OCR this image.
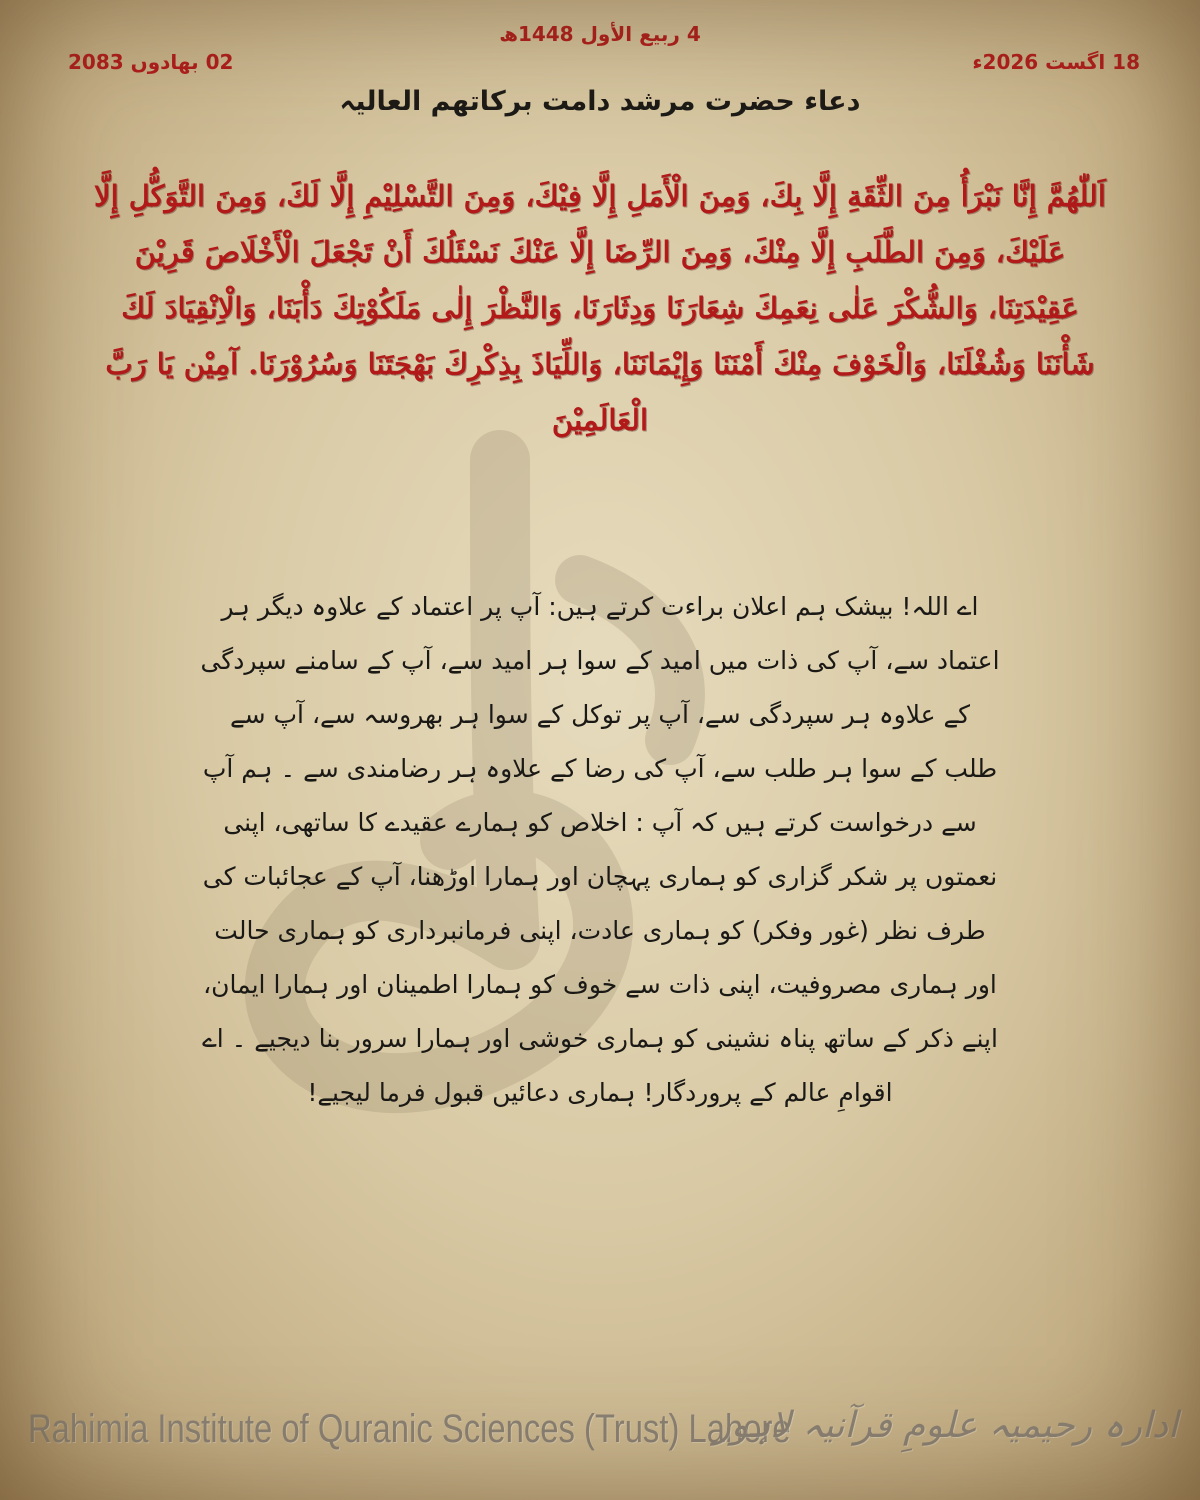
4 ربیع الأول 1448ھ
02 بھادوں 2083	18 اگست 2026ء
دعاء حضرت مرشد دامت برکاتھم العالیہ
اَللّٰهُمَّ إِنَّا نَبْرَأُ مِنَ الثِّقَةِ إِلَّا بِكَ، وَمِنَ الْأَمَلِ إِلَّا فِيْكَ، وَمِنَ التَّسْلِيْمِ إِلَّا لَكَ، وَمِنَ التَّوَكُّلِ إِلَّا عَلَيْكَ، وَمِنَ الطَّلَبِ إِلَّا مِنْكَ، وَمِنَ الرِّضَا إِلَّا عَنْكَ نَسْئَلُكَ أَنْ تَجْعَلَ الْأَخْلَاصَ قَرِيْنَ عَقِيْدَتِنَا، وَالشُّكْرَ عَلٰى نِعَمِكَ شِعَارَنَا وَدِثَارَنَا، وَالنَّظْرَ إِلٰى مَلَكُوْتِكَ دَأْبَنَا، وَالْاِنْقِيَادَ لَكَ شَأْنَنَا وَشُغْلَنَا، وَالْخَوْفَ مِنْكَ أَمْنَنَا وَإِيْمَانَنَا، وَاللِّيَاذَ بِذِكْرِكَ بَهْجَتَنَا وَسُرُوْرَنَا. آمِيْن يَا رَبَّ الْعَالَمِيْنَ
اے اللہ! بیشک ہم اعلان براءت کرتے ہیں: آپ پر اعتماد کے علاوہ دیگر ہر اعتماد سے، آپ کی ذات میں امید کے سوا ہر امید سے، آپ کے سامنے سپردگی کے علاوہ ہر سپردگی سے، آپ پر توکل کے سوا ہر بھروسہ سے، آپ سے طلب کے سوا ہر طلب سے، آپ کی رضا کے علاوہ ہر رضامندی سے ۔ ہم آپ سے درخواست کرتے ہیں کہ آپ : اخلاص کو ہمارے عقیدے کا ساتھی، اپنی نعمتوں پر شکر گزاری کو ہماری پہچان اور ہمارا اوڑھنا، آپ کے عجائبات کی طرف نظر (غور وفکر) کو ہماری عادت، اپنی فرمانبرداری کو ہماری حالت اور ہماری مصروفیت، اپنی ذات سے خوف کو ہمارا اطمینان اور ہمارا ایمان، اپنے ذکر کے ساتھ پناہ نشینی کو ہماری خوشی اور ہمارا سرور بنا دیجیے ۔ اے اقوامِ عالم کے پروردگار! ہماری دعائیں قبول فرما لیجیے!
Rahimia Institute of Quranic Sciences (Trust) Lahore
ادارہ رحیمیہ علومِ قرآنیہ لاہور
